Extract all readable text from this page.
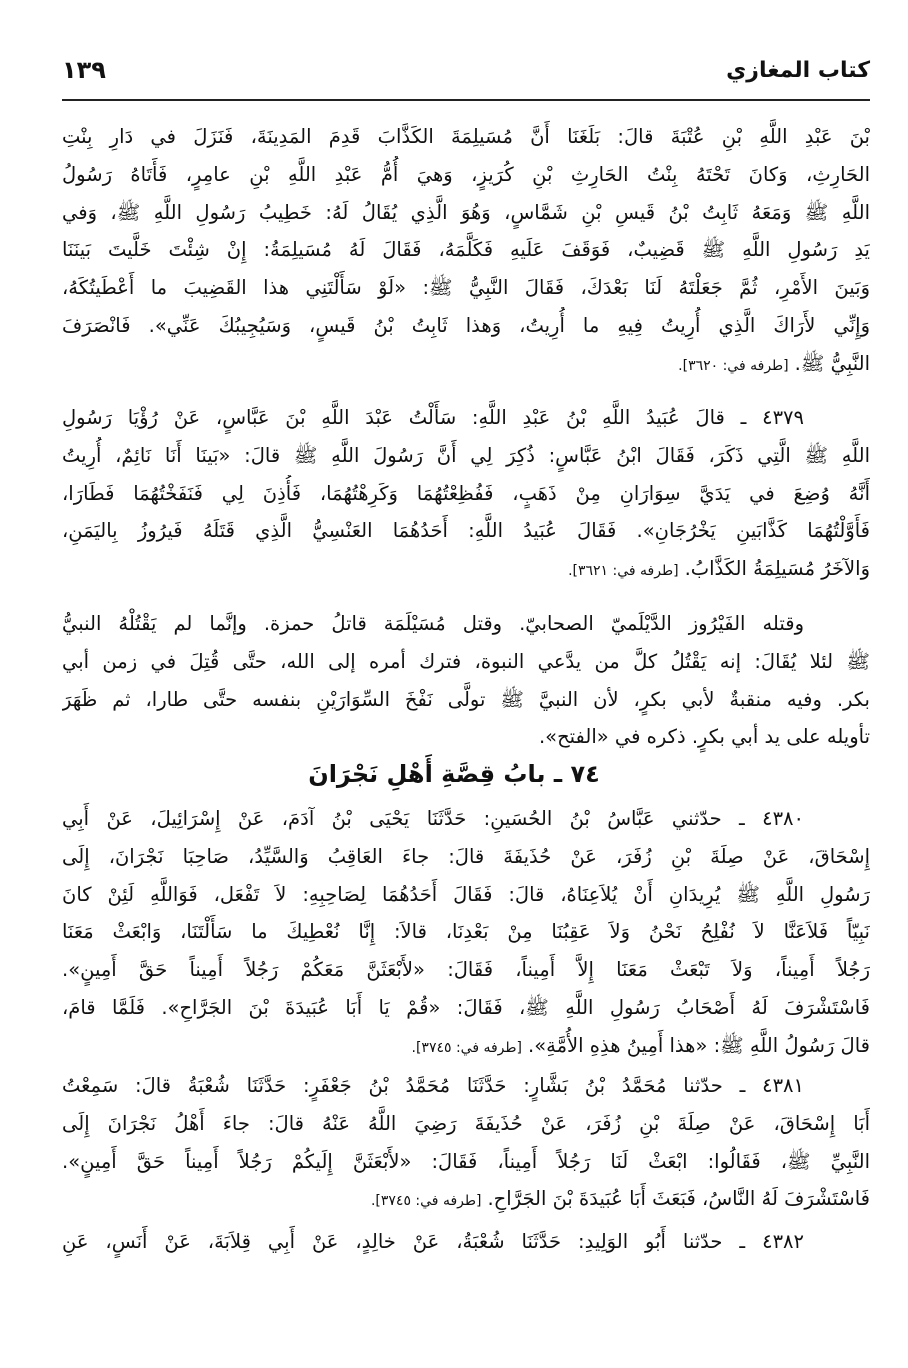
كتاب المغازي
١٣٩
بْنَ عَبْدِ اللَّهِ بْنِ عُتْبَةَ قالَ: بَلَغَنَا أَنَّ مُسَيلِمَةَ الكَذَّابَ قَدِمَ المَدِينَةَ، فَنَزَلَ في دَارِ بِنْتِ
الحَارِثِ، وَكانَ تَحْتَهُ بِنْتُ الحَارِثِ بْنِ كُرَيزٍ، وَهيَ أُمُّ عَبْدِ اللَّهِ بْنِ عامِرٍ، فَأَتَاهُ رَسُولُ
اللَّهِ ﷺ وَمَعَهُ ثَابِتُ بْنُ قَيسِ بْنِ شَمَّاسٍ، وَهُوَ الَّذِي يُقَالُ لَهُ: خَطِيبُ رَسُولِ اللَّهِ ﷺ، وَفي
يَدِ رَسُولِ اللَّهِ ﷺ قَضِيبٌ، فَوَقَفَ عَلَيهِ فَكَلَّمَهُ، فَقَالَ لَهُ مُسَيلِمَةُ: إِنْ شِئْتَ خَلَّيتَ بَينَنَا
وَبَينَ الأَمْرِ، ثُمَّ جَعَلْتَهُ لَنَا بَعْدَكَ، فَقَالَ النَّبِيُّ ﷺ: «لَوْ سَأَلْتَنِي هذا القَضِيبَ ما أَعْطَيتُكَهُ،
وَإِنِّي لأَرَاكَ الَّذِي أُرِيتُ فِيهِ ما أُرِيتُ، وَهذا ثَابِتُ بْنُ قَيسٍ، وَسَيُجِيبُكَ عَنِّي». فَانْصَرَفَ
النَّبِيُّ ﷺ.[طرفه في: ٣٦٢٠].
٤٣٧٩ ـ قالَ عُبَيدُ اللَّهِ بْنُ عَبْدِ اللَّهِ: سَأَلْتُ عَبْدَ اللَّهِ بْنَ عَبَّاسٍ، عَنْ رُؤْيَا رَسُولِ
اللَّهِ ﷺ الَّتِي ذَكَرَ، فَقَالَ ابْنُ عَبَّاسٍ: ذُكِرَ لِي أَنَّ رَسُولَ اللَّهِ ﷺ قالَ: «بَينَا أَنَا نَائِمٌ، أُرِيتُ
أَنَّهُ وُضِعَ في يَدَيَّ سِوَارَانِ مِنْ ذَهَبٍ، فَفُظِعْتُهُمَا وَكَرِهْتُهُمَا، فَأُذِنَ لِي فَنَفَخْتُهُمَا فَطَارَا،
فَأَوَّلْتُهُمَا كَذَّابَينِ يَخْرُجَانِ». فَقَالَ عُبَيدُ اللَّهِ: أَحَدُهُمَا العَنْسِيُّ الَّذِي قَتَلَهُ فَيرُوزُ بِاليَمَنِ،
وَالآخَرُ مُسَيلِمَةُ الكَذَّابُ.[طرفه في: ٣٦٢١].
وقتله الفَيْرُوز الدَّيْلَميّ الصحابيّ. وقتل مُسَيْلَمَة قاتلُ حمزة. وإنَّما لم يَقْتُلْهُ النبيُّ
ﷺ لئلا يُقَالَ: إنه يَقْتُلُ كلَّ من يدَّعي النبوة، فترك أمره إلى الله، حتَّى قُتِلَ في زمن أبي
بكر. وفيه منقبةٌ لأبي بكرٍ، لأن النبيَّ ﷺ تولَّى نَفْخَ السِّوَارَيْنِ بنفسه حتَّى طارا، ثم ظَهَرَ
تأويله على يد أبي بكرٍ. ذكره في «الفتح».
٧٤ ـ بابُ قِصَّةِ أَهْلِ نَجْرَانَ
٤٣٨٠ ـ حدّثني عَبَّاسُ بْنُ الحُسَينِ: حَدَّثَنَا يَحْيَى بْنُ آدَمَ، عَنْ إِسْرَائِيلَ، عَنْ أَبِي
إِسْحَاقَ، عَنْ صِلَةَ بْنِ زُفَرَ، عَنْ حُذَيفَةَ قالَ: جاءَ العَاقِبُ وَالسَّيِّدُ، صَاحِبَا نَجْرَانَ، إِلَى
رَسُولِ اللَّهِ ﷺ يُرِيدَانِ أَنْ يُلاَعِنَاهُ، قالَ: فَقَالَ أَحَدُهُمَا لِصَاحِبِهِ: لاَ تَفْعَل، فَوَاللَّهِ لَئِنْ كانَ
نَبِيّاً فَلاَعَنَّا لاَ نُفْلِحُ نَحْنُ وَلاَ عَقِبُنَا مِنْ بَعْدِنَا، قالاَ: إِنَّا نُعْطِيكَ ما سَأَلْتَنَا، وَابْعَثْ مَعَنَا
رَجُلاً أَمِيناً، وَلاَ تَبْعَثْ مَعَنَا إِلاَّ أَمِيناً، فَقَالَ: «لأَبْعَثَنَّ مَعَكُمْ رَجُلاً أَمِيناً حَقَّ أَمِينٍ».
فَاسْتَشْرَفَ لَهُ أَصْحَابُ رَسُولِ اللَّهِ ﷺ، فَقَالَ: «قُمْ يَا أَبَا عُبَيدَةَ بْنَ الجَرَّاحِ». فَلَمَّا قامَ،
قالَ رَسُولُ اللَّهِ ﷺ: «هذا أَمِينُ هذِهِ الأُمَّةِ».[طرفه في: ٣٧٤٥].
٤٣٨١ ـ حدّثنا مُحَمَّدُ بْنُ بَشَّارٍ: حَدَّثَنَا مُحَمَّدُ بْنُ جَعْفَرٍ: حَدَّثَنَا شُعْبَةُ قالَ: سَمِعْتُ
أَبَا إِسْحَاقَ، عَنْ صِلَةَ بْنِ زُفَرَ، عَنْ حُذَيفَةَ رَضِيَ اللَّهُ عَنْهُ قالَ: جاءَ أَهْلُ نَجْرَانَ إِلَى
النَّبِيِّ ﷺ، فَقَالُوا: ابْعَثْ لَنَا رَجُلاً أَمِيناً، فَقَالَ: «لأَبْعَثَنَّ إِلَيكُمْ رَجُلاً أَمِيناً حَقَّ أَمِينٍ».
فَاسْتَشْرَفَ لَهُ النَّاسُ، فَبَعَثَ أَبَا عُبَيدَةَ بْنَ الجَرَّاحِ.[طرفه في: ٣٧٤٥].
٤٣٨٢ ـ حدّثنا أَبُو الوَلِيدِ: حَدَّثَنَا شُعْبَةُ، عَنْ خالِدٍ، عَنْ أَبِي قِلاَبَةَ، عَنْ أَنَسٍ، عَنِ
